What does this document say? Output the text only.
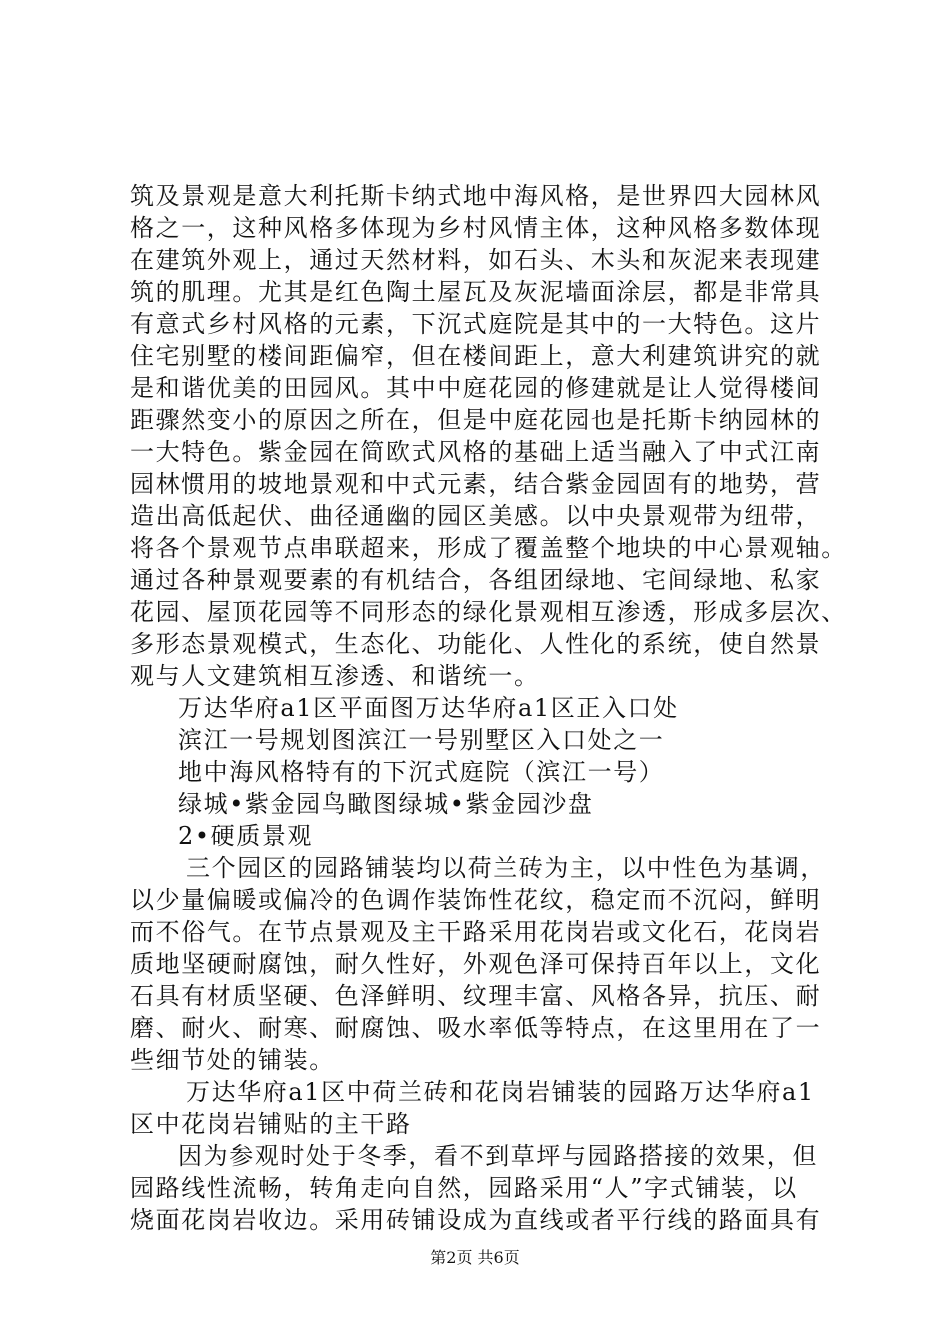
筑及景观是意大利托斯卡纳式地中海风格，是世界四大园林风
格之一，这种风格多体现为乡村风情主体，这种风格多数体现
在建筑外观上，通过天然材料，如石头、木头和灰泥来表现建
筑的肌理。尤其是红色陶土屋瓦及灰泥墙面涂层，都是非常具
有意式乡村风格的元素，下沉式庭院是其中的一大特色。这片
住宅别墅的楼间距偏窄，但在楼间距上，意大利建筑讲究的就
是和谐优美的田园风。其中中庭花园的修建就是让人觉得楼间
距骤然变小的原因之所在，但是中庭花园也是托斯卡纳园林的
一大特色。紫金园在简欧式风格的基础上适当融入了中式江南
园林惯用的坡地景观和中式元素，结合紫金园固有的地势，营
造出高低起伏、曲径通幽的园区美感。以中央景观带为纽带，
将各个景观节点串联超来，形成了覆盖整个地块的中心景观轴。
通过各种景观要素的有机结合，各组团绿地、宅间绿地、私家
花园、屋顶花园等不同形态的绿化景观相互渗透，形成多层次、
多形态景观模式，生态化、功能化、人性化的系统，使自然景
观与人文建筑相互渗透、和谐统一。
万达华府a1区平面图万达华府a1区正入口处
滨江一号规划图滨江一号别墅区入口处之一
地中海风格特有的下沉式庭院（滨江一号）
绿城•紫金园鸟瞰图绿城•紫金园沙盘
2•硬质景观
三个园区的园路铺装均以荷兰砖为主，以中性色为基调，
以少量偏暖或偏冷的色调作装饰性花纹，稳定而不沉闷，鲜明
而不俗气。在节点景观及主干路采用花岗岩或文化石，花岗岩
质地坚硬耐腐蚀，耐久性好，外观色泽可保持百年以上，文化
石具有材质坚硬、色泽鲜明、纹理丰富、风格各异，抗压、耐
磨、耐火、耐寒、耐腐蚀、吸水率低等特点，在这里用在了一
些细节处的铺装。
万达华府a1区中荷兰砖和花岗岩铺装的园路万达华府a1
区中花岗岩铺贴的主干路
因为参观时处于冬季，看不到草坪与园路搭接的效果，但
园路线性流畅，转角走向自然，园路采用“人”字式铺装，以
烧面花岗岩收边。采用砖铺设成为直线或者平行线的路面具有
第2页 共6页
